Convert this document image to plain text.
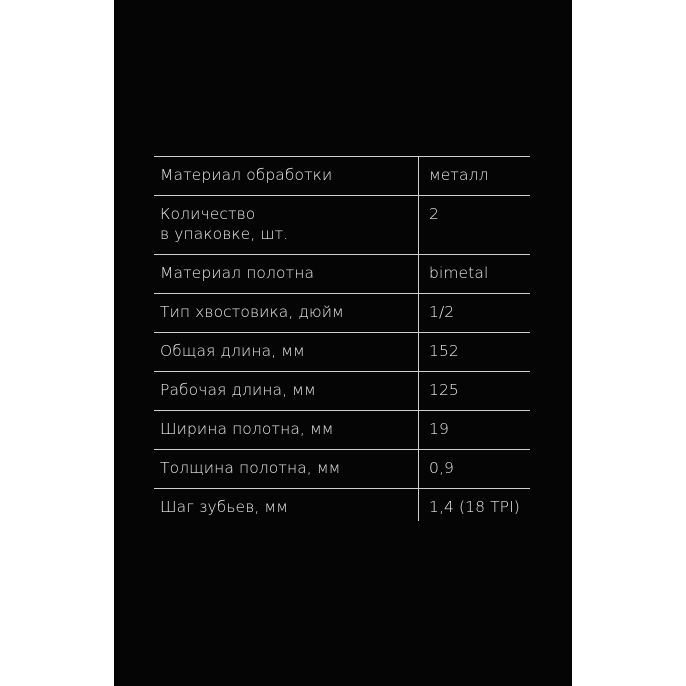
Материал обработки	металл
Количество
в упаковке, шт.	2
Материал полотна	bimetal
Тип хвостовика, дюйм	1/2
Общая длина, мм	152
Рабочая длина, мм	125
Ширина полотна, мм	19
Толщина полотна, мм	0,9
Шаг зубьев, мм	1,4 (18 TPI)
